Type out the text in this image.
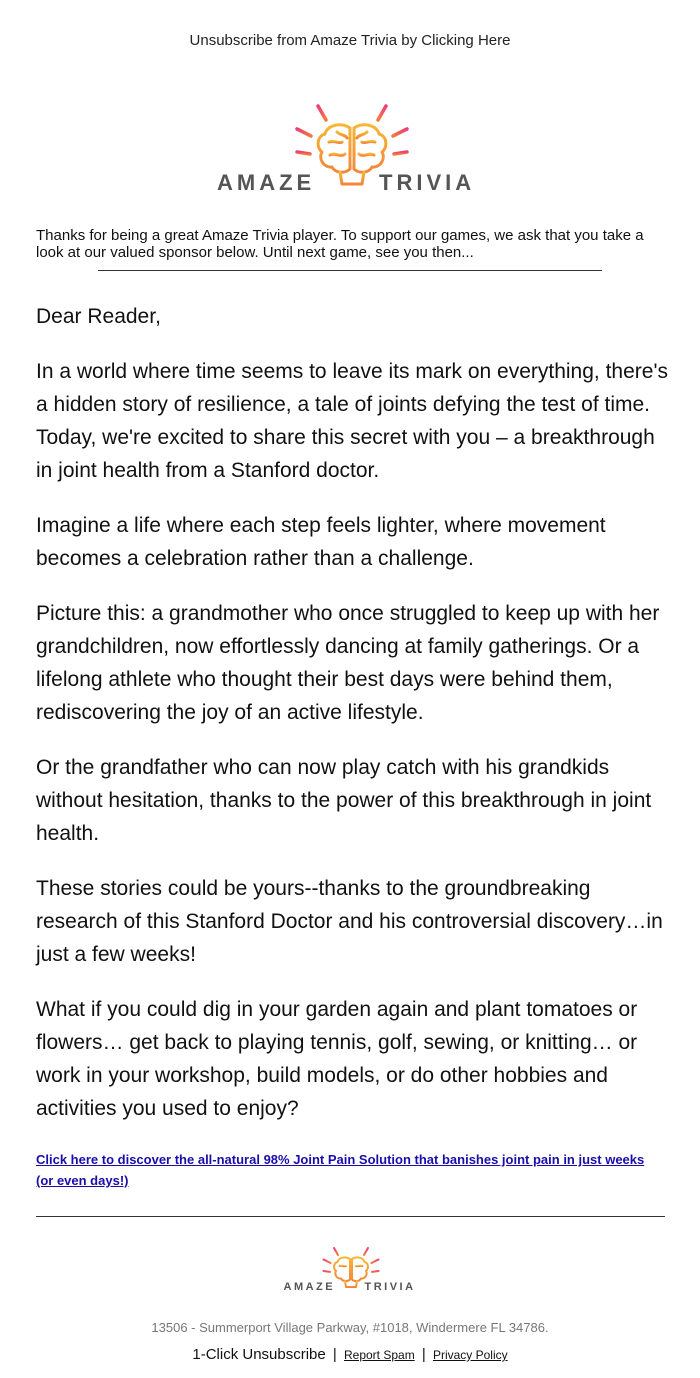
Unsubscribe from Amaze Trivia by Clicking Here
AMAZE	TRIVIA

Thanks for being a great Amaze Trivia player. To support our games, we ask that you take a look at our valued sponsor below. Until next game, see you then...

Dear Reader,

In a world where time seems to leave its mark on everything, there's a hidden story of resilience, a tale of joints defying the test of time. Today, we're excited to share this secret with you – a breakthrough in joint health from a Stanford doctor.

Imagine a life where each step feels lighter, where movement becomes a celebration rather than a challenge.

Picture this: a grandmother who once struggled to keep up with her grandchildren, now effortlessly dancing at family gatherings. Or a lifelong athlete who thought their best days were behind them, rediscovering the joy of an active lifestyle.

Or the grandfather who can now play catch with his grandkids without hesitation, thanks to the power of this breakthrough in joint health.

These stories could be yours--thanks to the groundbreaking research of this Stanford Doctor and his controversial discovery…in just a few weeks!

What if you could dig in your garden again and plant tomatoes or flowers… get back to playing tennis, golf, sewing, or knitting… or work in your workshop, build models, or do other hobbies and activities you used to enjoy?

Click here to discover the all-natural 98% Joint Pain Solution that banishes joint pain in just weeks (or even days!)
AMAZE TRIVIA

13506 - Summerport Village Parkway, #1018, Windermere FL 34786.

1-Click Unsubscribe | Report Spam | Privacy Policy
